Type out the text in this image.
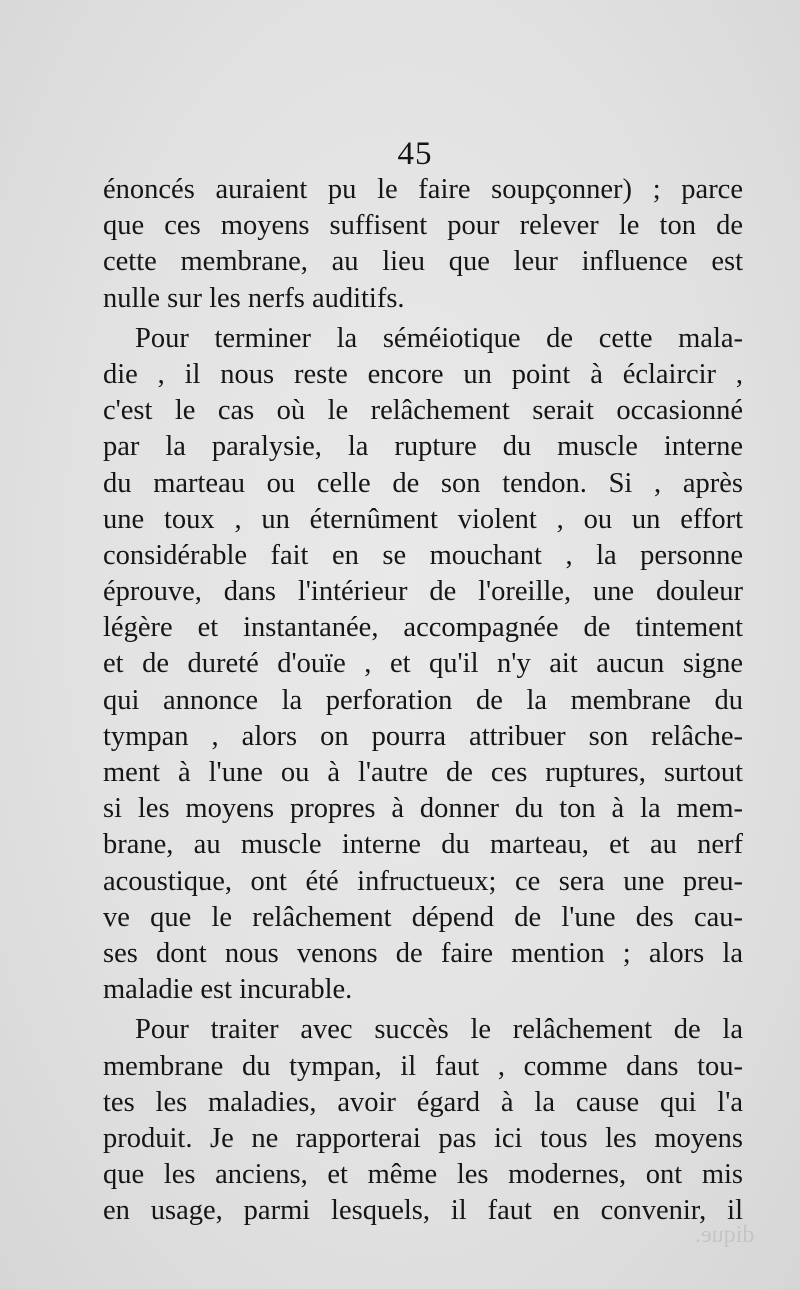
45
énoncés auraient pu le faire soupçonner) ; parce
que ces moyens suffisent pour relever le ton de
cette membrane, au lieu que leur influence est
nulle sur les nerfs auditifs.
Pour terminer la séméiotique de cette mala-
die , il nous reste encore un point à éclaircir ,
c'est le cas où le relâchement serait occasionné
par la paralysie, la rupture du muscle interne
du marteau ou celle de son tendon. Si , après
une toux , un éternûment violent , ou un effort
considérable fait en se mouchant , la personne
éprouve, dans l'intérieur de l'oreille, une douleur
légère et instantanée, accompagnée de tintement
et de dureté d'ouïe , et qu'il n'y ait aucun signe
qui annonce la perforation de la membrane du
tympan , alors on pourra attribuer son relâche-
ment à l'une ou à l'autre de ces ruptures, surtout
si les moyens propres à donner du ton à la mem-
brane, au muscle interne du marteau, et au nerf
acoustique, ont été infructueux; ce sera une preu-
ve que le relâchement dépend de l'une des cau-
ses dont nous venons de faire mention ; alors la
maladie est incurable.
Pour traiter avec succès le relâchement de la
membrane du tympan, il faut , comme dans tou-
tes les maladies, avoir égard à la cause qui l'a
produit. Je ne rapporterai pas ici tous les moyens
que les anciens, et même les modernes, ont mis
en usage, parmi lesquels, il faut en convenir, il
dique.
